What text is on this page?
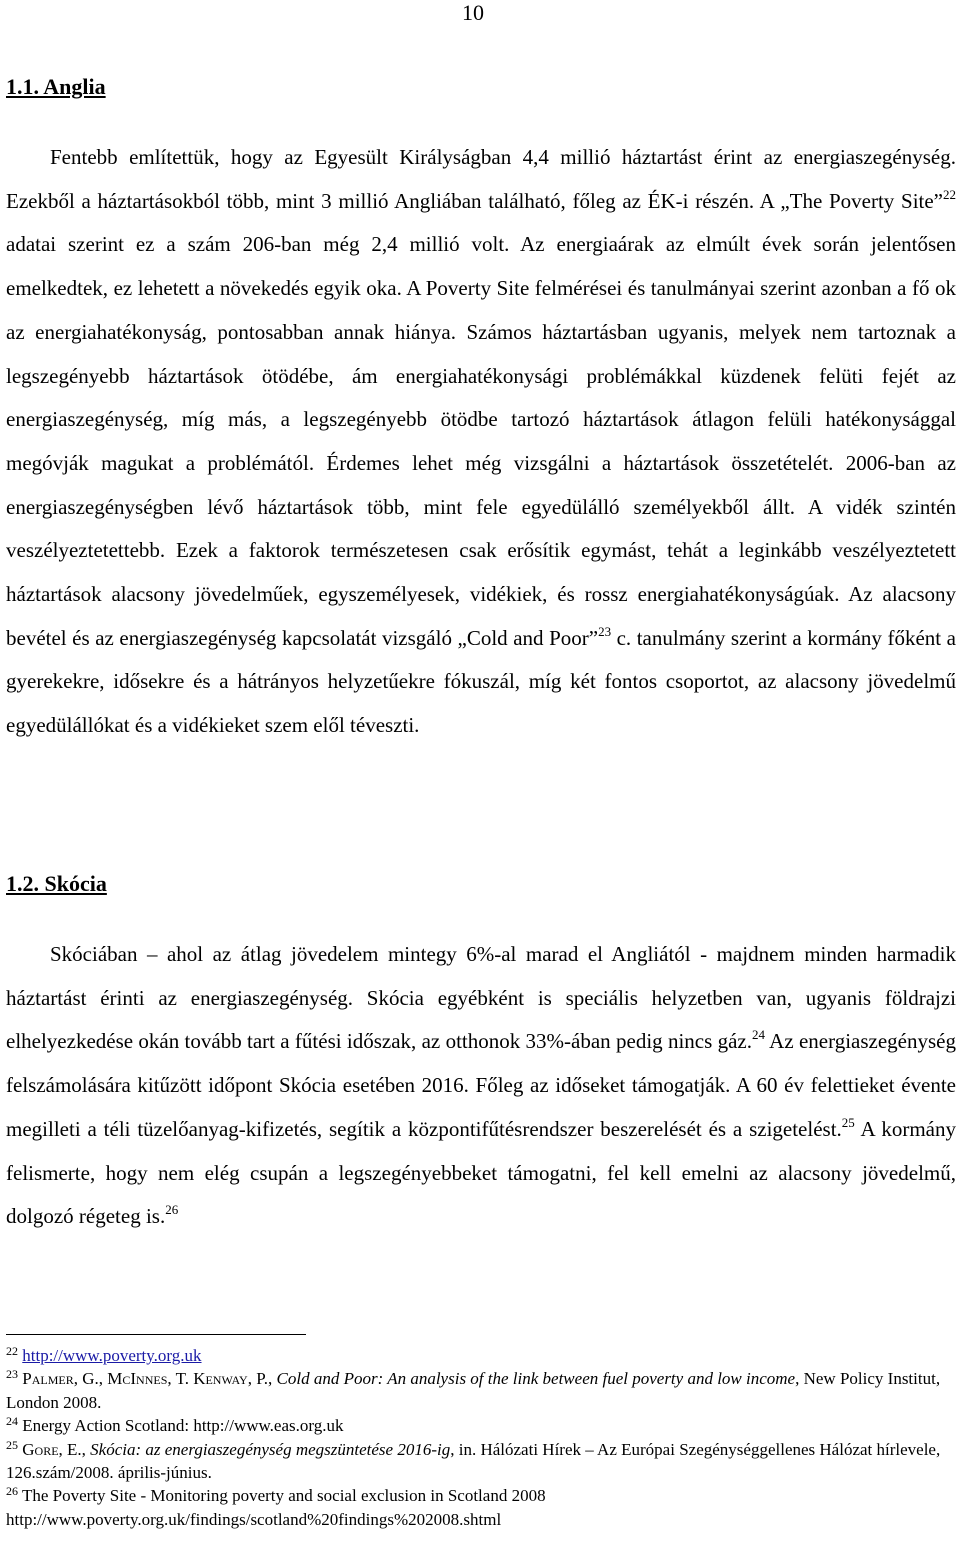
10
1.1. Anglia

Fentebb említettük, hogy az Egyesült Királyságban 4,4 millió háztartást érint az energiaszegénység. Ezekből a háztartásokból több, mint 3 millió Angliában található, főleg az ÉK-i részén. A „The Poverty Site”$^{22}$ adatai szerint ez a szám 206-ban még 2,4 millió volt. Az energiaárak az elmúlt évek során jelentősen emelkedtek, ez lehetett a növekedés egyik oka. A Poverty Site felmérései és tanulmányai szerint azonban a fő ok az energiahatékonyság, pontosabban annak hiánya. Számos háztartásban ugyanis, melyek nem tartoznak a legszegényebb háztartások ötödébe, ám energiahatékonysági problémákkal küzdenek felüti fejét az energiaszegénység, míg más, a legszegényebb ötödbe tartozó háztartások átlagon felüli hatékonysággal megóvják magukat a problémától. Érdemes lehet még vizsgálni a háztartások összetételét. 2006-ban az energiaszegénységben lévő háztartások több, mint fele egyedülálló személyekből állt. A vidék szintén veszélyeztetettebb. Ezek a faktorok természetesen csak erősítik egymást, tehát a leginkább veszélyeztetett háztartások alacsony jövedelműek, egyszemélyesek, vidékiek, és rossz energiahatékonyságúak. Az alacsony bevétel és az energiaszegénység kapcsolatát vizsgáló „Cold and Poor”$^{23}$ c. tanulmány szerint a kormány főként a gyerekekre, idősekre és a hátrányos helyzetűekre fókuszál, míg két fontos csoportot, az alacsony jövedelmű egyedülállókat és a vidékieket szem elől téveszti.

1.2. Skócia

Skóciában – ahol az átlag jövedelem mintegy 6%-al marad el Angliától - majdnem minden harmadik háztartást érinti az energiaszegénység. Skócia egyébként is speciális helyzetben van, ugyanis földrajzi elhelyezkedése okán tovább tart a fűtési időszak, az otthonok 33%-ában pedig nincs gáz.$^{24}$ Az energiaszegénység felszámolására kitűzött időpont Skócia esetében 2016. Főleg az időseket támogatják. A 60 év felettieket évente megilleti a téli tüzelőanyag-kifizetés, segítik a központifűtésrendszer beszerelését és a szigetelést.$^{25}$ A kormány felismerte, hogy nem elég csupán a legszegényebbeket támogatni, fel kell emelni az alacsony jövedelmű, dolgozó régeteg is.$^{26}$

$^{22}$ http://www.poverty.org.uk

$^{23}$ Palmer, G., McInnes, T. Kenway, P., Cold and Poor: An analysis of the link between fuel poverty and low income, New Policy Institut, London 2008.

$^{24}$ Energy Action Scotland: http://www.eas.org.uk

$^{25}$ Gore, E., Skócia: az energiaszegénység megszüntetése 2016-ig, in. Hálózati Hírek – Az Európai Szegénységgellenes Hálózat hírlevele, 126.szám/2008. április-június.

$^{26}$ The Poverty Site - Monitoring poverty and social exclusion in Scotland 2008
http://www.poverty.org.uk/findings/scotland%20findings%202008.shtml
